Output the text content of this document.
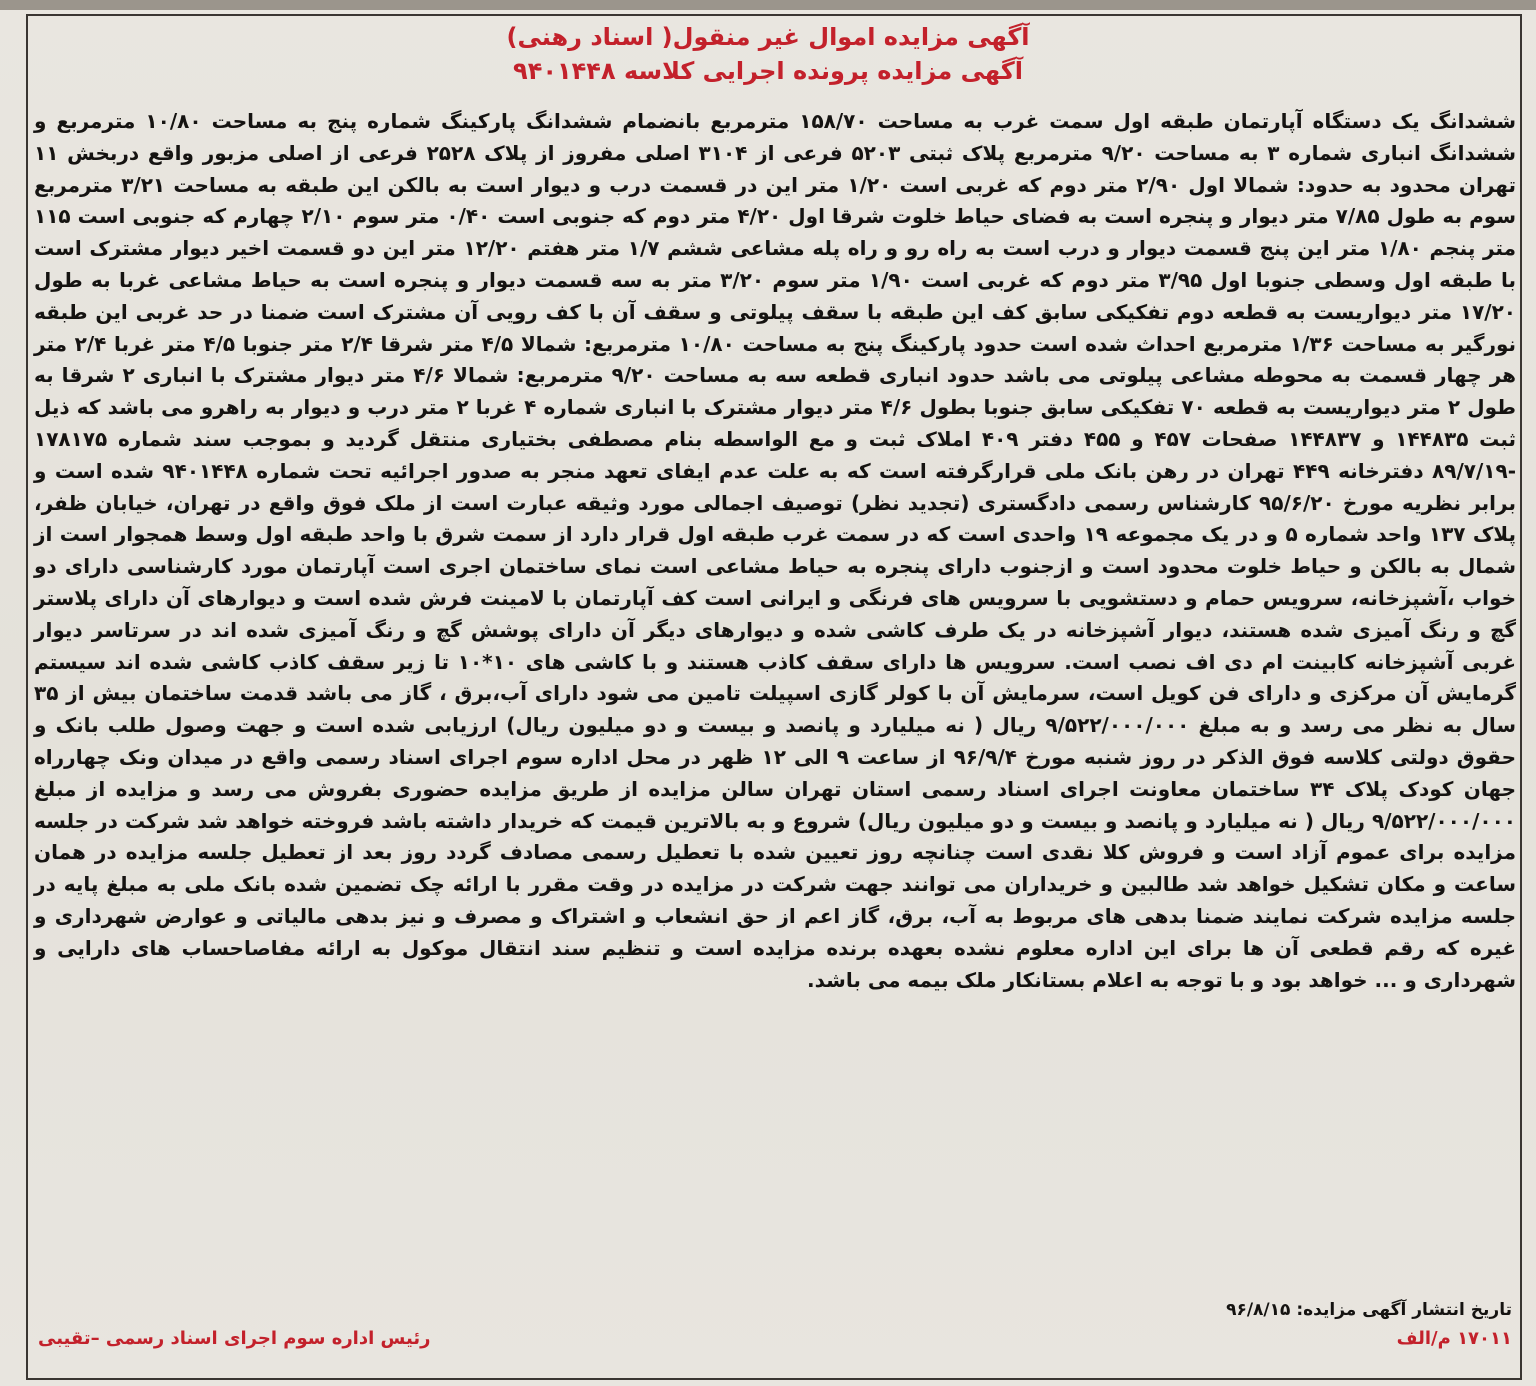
آگهی مزایده اموال غیر منقول( اسناد رهنی)
آگهی مزایده پرونده اجرایی کلاسه ۹۴۰۱۴۴۸

ششدانگ یک دستگاه آپارتمان طبقه اول سمت غرب به مساحت ۱۵۸/۷۰ مترمربع بانضمام ششدانگ پارکینگ شماره پنج به مساحت ۱۰/۸۰ مترمربع و ششدانگ انباری شماره ۳ به مساحت ۹/۲۰ مترمربع پلاک ثبتی ۵۲۰۳ فرعی از ۳۱۰۴ اصلی مفروز از پلاک ۲۵۲۸ فرعی از اصلی مزبور واقع دربخش ۱۱ تهران محدود به حدود: شمالا اول ۲/۹۰ متر دوم که غربی است ۱/۲۰ متر این در قسمت درب و دیوار است به بالکن این طبقه به مساحت ۳/۲۱ مترمربع سوم به طول ۷/۸۵ متر دیوار و پنجره است به فضای حیاط خلوت شرقا اول ۴/۲۰ متر دوم که جنوبی است ۰/۴۰ متر سوم ۲/۱۰ چهارم که جنوبی است ۱۱۵ متر پنجم ۱/۸۰ متر این پنج قسمت دیوار و درب است به راه رو و راه پله مشاعی ششم ۱/۷ متر هفتم ۱۲/۲۰ متر این دو قسمت اخیر دیوار مشترک است با طبقه اول وسطی جنوبا اول ۳/۹۵ متر دوم که غربی است ۱/۹۰ متر سوم ۳/۲۰ متر به سه قسمت دیوار و پنجره است به حیاط مشاعی غربا به طول ۱۷/۲۰ متر دیواریست به قطعه دوم تفکیکی سابق کف این طبقه با سقف پیلوتی و سقف آن با کف رویی آن مشترک است ضمنا در حد غربی این طبقه نورگیر به مساحت ۱/۳۶ مترمربع احداث شده است حدود پارکینگ پنج به مساحت ۱۰/۸۰ مترمربع: شمالا ۴/۵ متر شرقا ۲/۴ متر جنوبا ۴/۵ متر غربا ۲/۴ متر هر چهار قسمت به محوطه مشاعی پیلوتی می باشد حدود انباری قطعه سه به مساحت ۹/۲۰ مترمربع: شمالا ۴/۶ متر دیوار مشترک با انباری ۲ شرقا به طول ۲ متر دیواریست به قطعه ۷۰ تفکیکی سابق جنوبا بطول ۴/۶ متر دیوار مشترک با انباری شماره ۴ غربا ۲ متر درب و دیوار به راهرو می باشد که ذیل ثبت ۱۴۴۸۳۵ و ۱۴۴۸۳۷ صفحات ۴۵۷ و ۴۵۵ دفتر ۴۰۹ املاک ثبت و مع الواسطه بنام مصطفی بختیاری منتقل گردید و بموجب سند شماره ۱۷۸۱۷۵ -۸۹/۷/۱۹ دفترخانه ۴۴۹ تهران در رهن بانک ملی قرارگرفته است که به علت عدم ایفای تعهد منجر به صدور اجرائیه تحت شماره ۹۴۰۱۴۴۸ شده است و برابر نظریه مورخ ۹۵/۶/۲۰ کارشناس رسمی دادگستری (تجدید نظر) توصیف اجمالی مورد وثیقه عبارت است از ملک فوق واقع در تهران، خیابان ظفر، پلاک ۱۳۷ واحد شماره ۵ و در یک مجموعه ۱۹ واحدی است که در سمت غرب طبقه اول قرار دارد از سمت شرق با واحد طبقه اول وسط همجوار است از شمال به بالکن و حیاط خلوت محدود است و ازجنوب دارای پنجره به حیاط مشاعی است نمای ساختمان اجری است آپارتمان مورد کارشناسی دارای دو خواب ،آشپزخانه، سرویس حمام و دستشویی با سرویس های فرنگی و ایرانی است کف آپارتمان با لامینت فرش شده است و دیوارهای آن دارای پلاستر گچ و رنگ آمیزی شده هستند، دیوار آشپزخانه در یک طرف کاشی شده و دیوارهای دیگر آن دارای پوشش گچ و رنگ آمیزی شده اند در سرتاسر دیوار غربی آشپزخانه کابینت ام دی اف نصب است. سرویس ها دارای سقف کاذب هستند و با کاشی های ۱۰*۱۰ تا زیر سقف کاذب کاشی شده اند سیستم گرمایش آن مرکزی و دارای فن کویل است، سرمایش آن با کولر گازی اسپیلت تامین می شود دارای آب،برق ، گاز می باشد قدمت ساختمان بیش از ۳۵ سال به نظر می رسد و به مبلغ ۹/۵۲۲/۰۰۰/۰۰۰ ریال ( نه میلیارد و پانصد و بیست و دو میلیون ریال) ارزیابی شده است و جهت وصول طلب بانک و حقوق دولتی کلاسه فوق الذکر در روز شنبه مورخ ۹۶/۹/۴ از ساعت ۹ الی ۱۲ ظهر در محل اداره سوم اجرای اسناد رسمی واقع در میدان ونک چهارراه جهان کودک پلاک ۳۴ ساختمان معاونت اجرای اسناد رسمی استان تهران سالن مزایده از طریق مزایده حضوری بفروش می رسد و مزایده از مبلغ ۹/۵۲۲/۰۰۰/۰۰۰ ریال ( نه میلیارد و پانصد و بیست و دو میلیون ریال) شروع و به بالاترین قیمت که خریدار داشته باشد فروخته خواهد شد شرکت در جلسه مزایده برای عموم آزاد است و فروش کلا نقدی است چنانچه روز تعیین شده با تعطیل رسمی مصادف گردد روز بعد از تعطیل جلسه مزایده در همان ساعت و مکان تشکیل خواهد شد طالبین و خریداران می توانند جهت شرکت در مزایده در وقت مقرر با ارائه چک تضمین شده بانک ملی به مبلغ پایه در جلسه مزایده شرکت نمایند ضمنا بدهی های مربوط به آب، برق، گاز اعم از حق انشعاب و اشتراک و مصرف و نیز بدهی مالیاتی و عوارض شهرداری و غیره که رقم قطعی آن ها برای این اداره معلوم نشده بعهده برنده مزایده است و تنظیم سند انتقال موکول به ارائه مفاصاحساب های دارایی و شهرداری و ... خواهد بود و با توجه به اعلام بستانکار ملک بیمه می باشد.

تاریخ انتشار آگهی مزایده: ۹۶/۸/۱۵
۱۷۰۱۱ م/الف
رئیس اداره سوم اجرای اسناد رسمی –تقیبی
